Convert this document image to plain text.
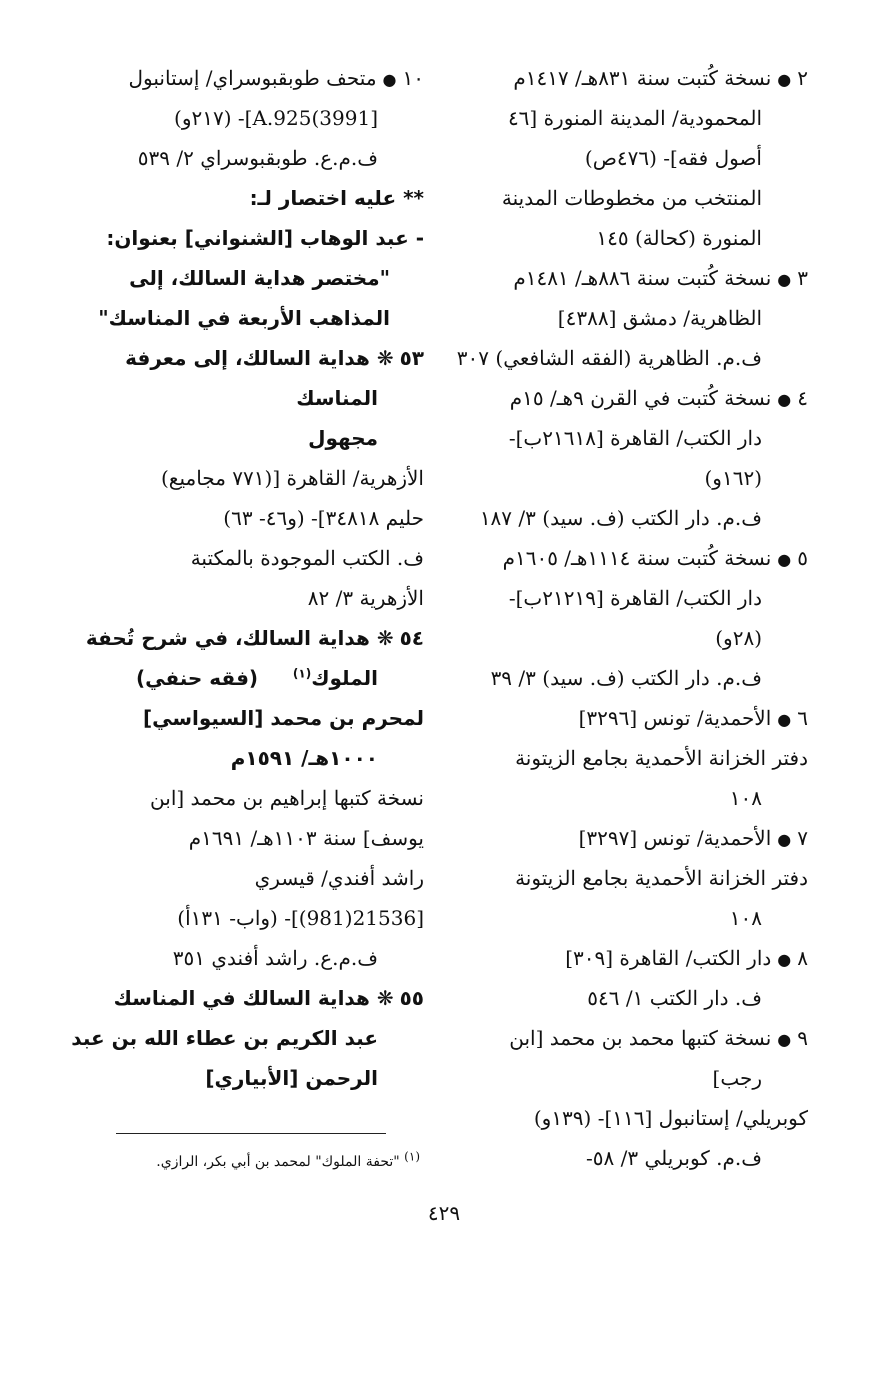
٢●نسخة كُتبت سنة ٨٣١هـ/ ١٤١٧م
المحمودية/ المدينة المنورة [٤٦
أصول فقه]- (٤٧٦ص)
المنتخب من مخطوطات المدينة
المنورة (كحالة) ١٤٥
٣●نسخة كُتبت سنة ٨٨٦هـ/ ١٤٨١م
الظاهرية/ دمشق [٤٣٨٨]
ف.م. الظاهرية (الفقه الشافعي) ٣٠٧
٤●نسخة كُتبت في القرن ٩هـ/ ١٥م
دار الكتب/ القاهرة [٢١٦١٨ب]-
(١٦٢و)
ف.م. دار الكتب (ف. سيد) ٣/ ١٨٧
٥●نسخة كُتبت سنة ١١١٤هـ/ ١٦٠٥م
دار الكتب/ القاهرة [٢١٢١٩ب]-
(٢٨و)
ف.م. دار الكتب (ف. سيد) ٣/ ٣٩
٦●الأحمدية/ تونس [٣٢٩٦]
دفتر الخزانة الأحمدية بجامع الزيتونة
١٠٨
٧●الأحمدية/ تونس [٣٢٩٧]
دفتر الخزانة الأحمدية بجامع الزيتونة
١٠٨
٨●دار الكتب/ القاهرة [٣٠٩]
ف. دار الكتب ١/ ٥٤٦
٩●نسخة كتبها محمد بن محمد [ابن
رجب]
كوبريلي/ إستانبول [١١٦]- (١٣٩و)
ف.م. كوبريلي ٣/ ٥٨-
١٠●متحف طوبقبوسراي/ إستانبول
[3991)A.925]- (٢١٧و)
ف.م.ع. طوبقبوسراي ٢/ ٥٣٩
** عليه اختصار لـ:
- عبد الوهاب [الشنواني] بعنوان:
"مختصر هداية السالك، إلى
المذاهب الأربعة في المناسك"
٥٣❋ هداية السالك، إلى معرفة
المناسك
مجهول
الأزهرية/ القاهرة [(٧٧١ مجاميع)
حليم ٣٤٨١٨]- (و٤٦- ٦٣)
ف. الكتب الموجودة بالمكتبة
الأزهرية ٣/ ٨٢
٥٤❋ هداية السالك، في شرح تُحفة
الملوك$^{(١)}$     (فقه حنفي)
لمحرم بن محمد [السيواسي]
١٠٠٠هـ/ ١٥٩١م
نسخة كتبها إبراهيم بن محمد [ابن
يوسف] سنة ١١٠٣هـ/ ١٦٩١م
راشد أفندي/ قيسري
[21536(981)]- (واب- ١٣١أ)
ف.م.ع. راشد أفندي ٣٥١
٥٥❋ هداية السالك في المناسك
عبد الكريم بن عطاء الله بن عبد
الرحمن [الأبياري]
$^{(١)}$ "تحفة الملوك" لمحمد بن أبي بكر، الرازي.
٤٢٩
